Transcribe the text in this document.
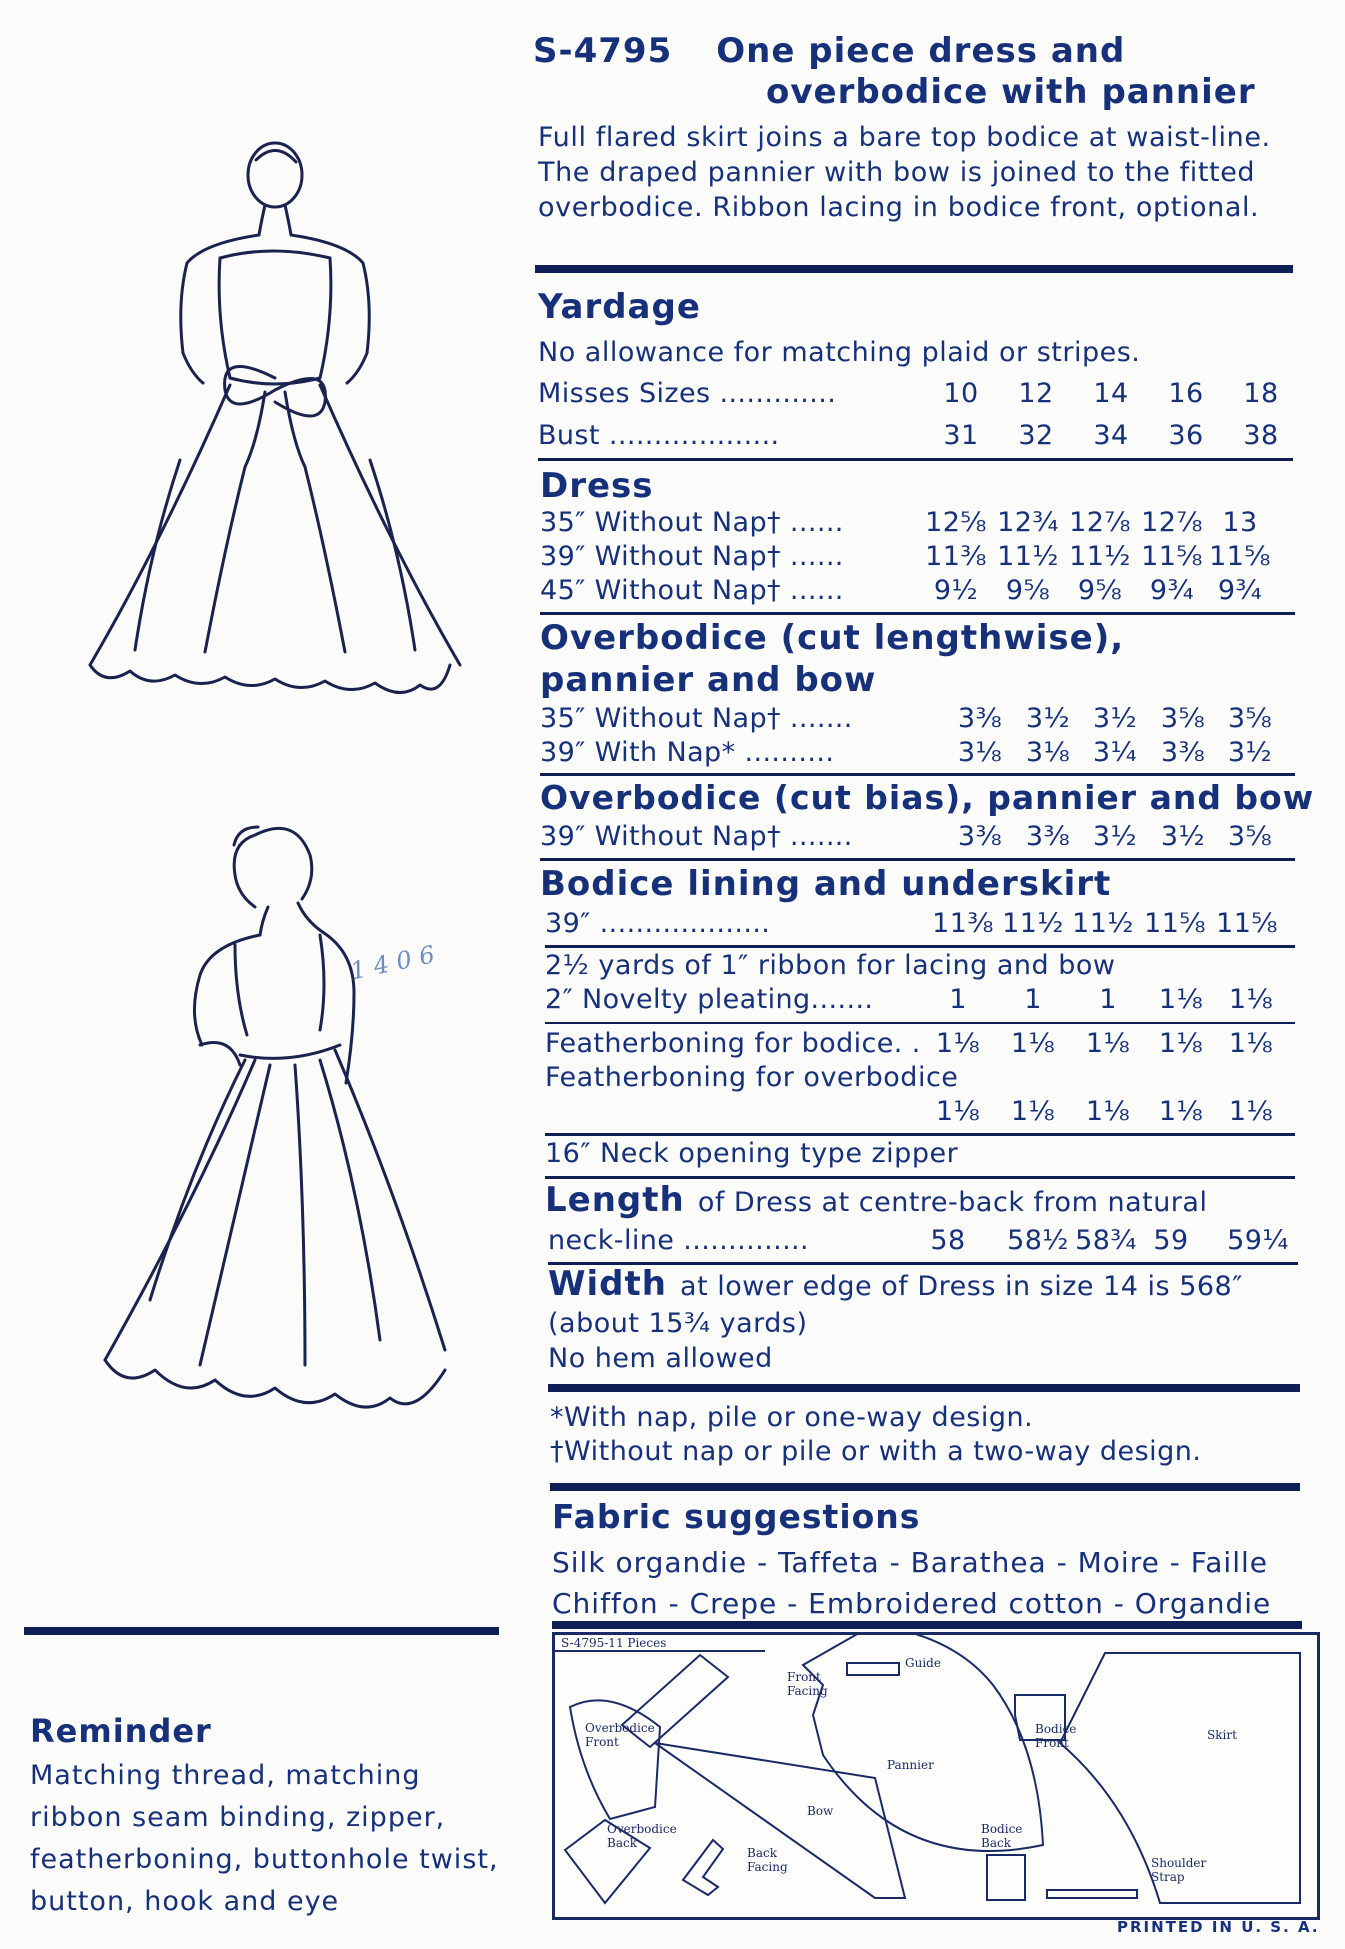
1406
S-4795 One piece dress and
overbodice with pannier
Full flared skirt joins a bare top bodice at waist-line. The draped pannier with bow is joined to the fitted overbodice. Ribbon lacing in bodice front, optional.
Yardage
No allowance for matching plaid or stripes.
Misses Sizes .............	10	12	14	16	18
Bust ...................	31	32	34	36	38
Dress
35″ Without Nap† ......	12⅝ 12¾ 12⅞ 12⅞ 13
39″ Without Nap† ......	11⅜ 11½ 11½ 11⅝ 11⅝
45″ Without Nap† ......	9½	9⅝	9⅝	9¾ 9¾
Overbodice (cut lengthwise),
pannier and bow
35″ Without Nap† .......	3⅜ 3½ 3½ 3⅝ 3⅝
39″ With Nap* ..........	3⅛ 3⅛ 3¼ 3⅜ 3½
Overbodice (cut bias), pannier and bow
39″ Without Nap† .......	3⅜ 3⅜ 3½ 3½ 3⅝
Bodice lining and underskirt
39″ ...................	11⅜ 11½ 11½ 11⅝ 11⅝
2½ yards of 1″ ribbon for lacing and bow
2″ Novelty pleating.......	1	1	1	1⅛ 1⅛
Featherboning for bodice. . 1⅛	1⅛	1⅛	1⅛ 1⅛
Featherboning for overbodice
1⅛	1⅛	1⅛	1⅛ 1⅛
16″ Neck opening type zipper
Length of Dress at centre-back from natural
neck-line ..............	58	58½ 58¾ 59	59¼
Width at lower edge of Dress in size 14 is 568″
(about 15¾ yards)
No hem allowed
*With nap, pile or one-way design.
†Without nap or pile or with a two-way design.
Fabric suggestions
Silk organdie - Taffeta - Barathea - Moire - Faille
Chiffon - Crepe - Embroidered cotton - Organdie
Reminder
Matching thread, matching ribbon seam binding, zipper, featherboning, buttonhole twist, button, hook and eye
S-4795-11 Pieces
Front
Facing
Guide
Overbodice
Front
Pannier
Bodice
Front
Skirt
Bow
Overbodice
Back
Back
Facing
Bodice
Back
Shoulder
Strap
PRINTED IN U. S. A.
